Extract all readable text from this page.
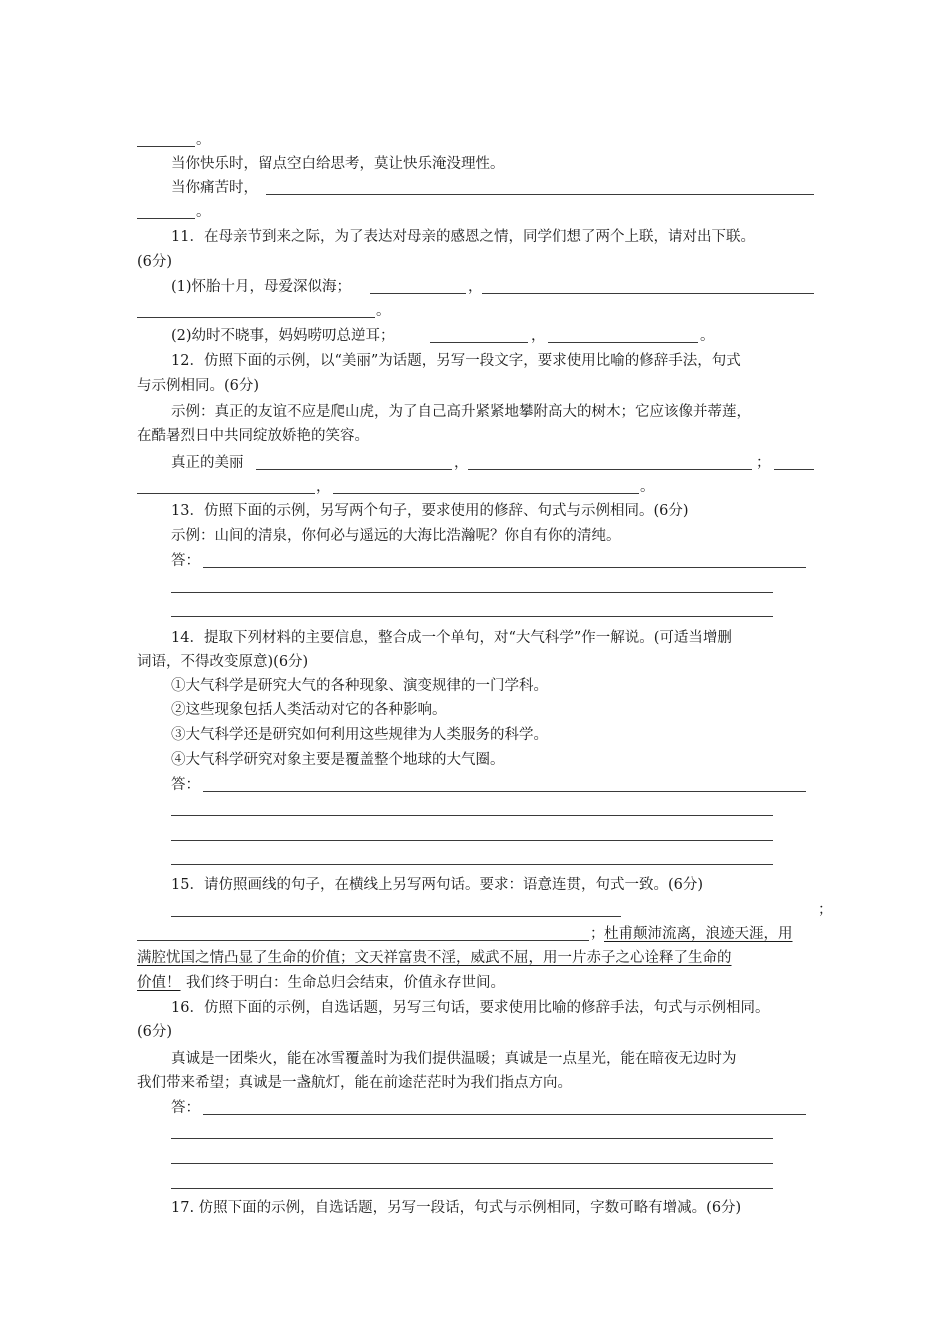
。
当你快乐时，留点空白给思考，莫让快乐淹没理性。
当你痛苦时，
。
11．在母亲节到来之际，为了表达对母亲的感恩之情，同学们想了两个上联，请对出下联。
(6分)
(1)怀胎十月，母爱深似海；	，
。
(2)幼时不晓事，妈妈唠叨总逆耳；	，	。
12．仿照下面的示例，以“美丽”为话题，另写一段文字，要求使用比喻的修辞手法，句式
与示例相同。(6分)
示例：真正的友谊不应是爬山虎，为了自己高升紧紧地攀附高大的树木；它应该像并蒂莲，
在酷暑烈日中共同绽放娇艳的笑容。
真正的美丽	，	；
，	。
13．仿照下面的示例，另写两个句子，要求使用的修辞、句式与示例相同。(6分)
示例：山间的清泉，你何必与遥远的大海比浩瀚呢？你自有你的清纯。
答：
14．提取下列材料的主要信息，整合成一个单句，对“大气科学”作一解说。(可适当增删
词语，不得改变原意)(6分)
①大气科学是研究大气的各种现象、演变规律的一门学科。
②这些现象包括人类活动对它的各种影响。
③大气科学还是研究如何利用这些规律为人类服务的科学。
④大气科学研究对象主要是覆盖整个地球的大气圈。
答：
15．请仿照画线的句子，在横线上另写两句话。要求：语意连贯，句式一致。(6分)
；
； 杜甫颠沛流离，浪迹天涯，用
满腔忧国之情凸显了生命的价值；文天祥富贵不淫，威武不屈，用一片赤子之心诠释了生命的
价值！ 我们终于明白：生命总归会结束，价值永存世间。
16．仿照下面的示例，自选话题，另写三句话，要求使用比喻的修辞手法，句式与示例相同。
(6分)
真诚是一团柴火，能在冰雪覆盖时为我们提供温暖；真诚是一点星光，能在暗夜无边时为
我们带来希望；真诚是一盏航灯，能在前途茫茫时为我们指点方向。
答：
17. 仿照下面的示例，自选话题，另写一段话，句式与示例相同，字数可略有增减。(6分)
